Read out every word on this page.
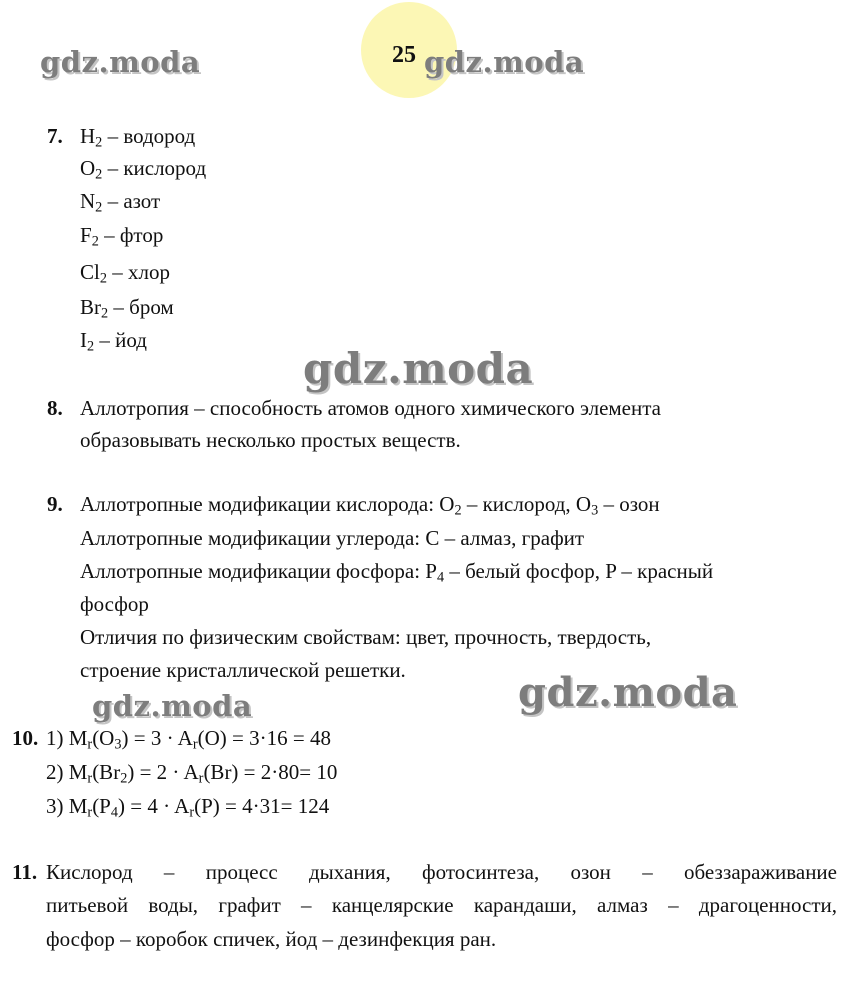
25
gdz.moda	gdz.moda
gdz.moda
gdz.moda
gdz.moda
7. $H_2$ – водород
$O_2$ – кислород
$N_2$ – азот
$F_2$ – фтор
$Cl_2$ – хлор
$Br_2$ – бром
$I_2$ – йод
8. Аллотропия – способность атомов одного химического элемента
образовывать несколько простых веществ.
9. Аллотропные модификации кислорода: $O_2$ – кислород, $O_3$ – озон
Аллотропные модификации углерода: C – алмаз, графит
Аллотропные модификации фосфора: $P_4$ – белый фосфор, P – красный
фосфор
Отличия по физическим свойствам: цвет, прочность, твердость,
строение кристаллической решетки.
10. 1) $M_r(O_3) = 3 \cdot A_r(O) = 3\cdot 16 = 48$
2) $M_r(Br_2) = 2 \cdot A_r(Br) = 2\cdot 80= 10$
3) $M_r(P_4) = 4 \cdot A_r(P) = 4\cdot 31= 124$
11. Кислород – процесс дыхания, фотосинтеза, озон – обеззараживание
питьевой воды, графит – канцелярские карандаши, алмаз – драгоценности,
фосфор – коробок спичек, йод – дезинфекция ран.
